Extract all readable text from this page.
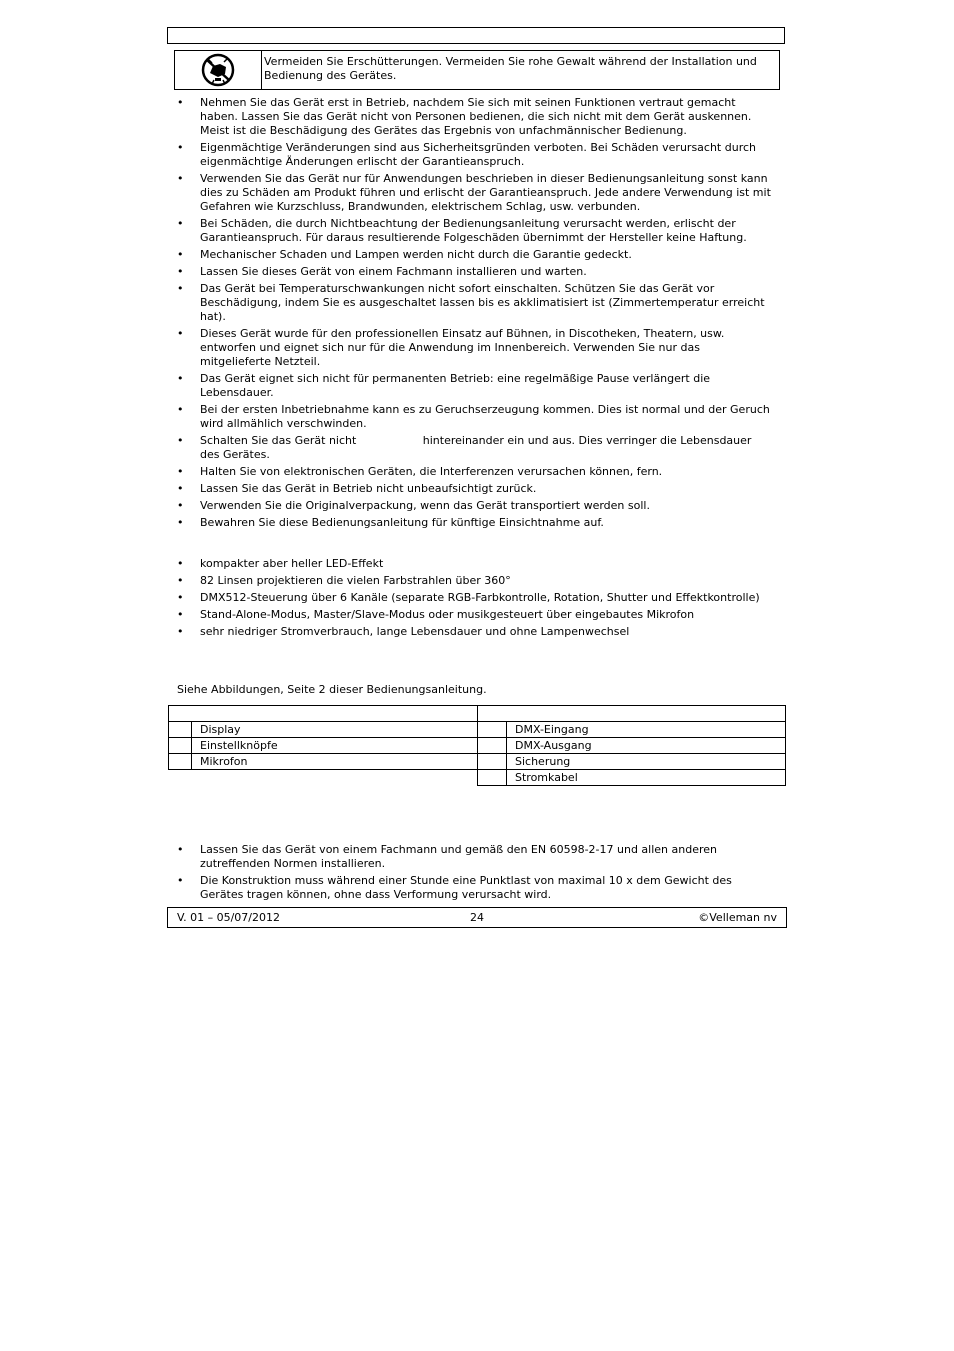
Vermeiden Sie Erschütterungen. Vermeiden Sie rohe Gewalt während der Installation und Bedienung des Gerätes.
• Nehmen Sie das Gerät erst in Betrieb, nachdem Sie sich mit seinen Funktionen vertraut gemacht haben. Lassen Sie das Gerät nicht von Personen bedienen, die sich nicht mit dem Gerät auskennen. Meist ist die Beschädigung des Gerätes das Ergebnis von unfachmännischer Bedienung.
• Eigenmächtige Veränderungen sind aus Sicherheitsgründen verboten. Bei Schäden verursacht durch eigenmächtige Änderungen erlischt der Garantieanspruch.
• Verwenden Sie das Gerät nur für Anwendungen beschrieben in dieser Bedienungsanleitung sonst kann dies zu Schäden am Produkt führen und erlischt der Garantieanspruch. Jede andere Verwendung ist mit Gefahren wie Kurzschluss, Brandwunden, elektrischem Schlag, usw. verbunden.
• Bei Schäden, die durch Nichtbeachtung der Bedienungsanleitung verursacht werden, erlischt der Garantieanspruch. Für daraus resultierende Folgeschäden übernimmt der Hersteller keine Haftung.
• Mechanischer Schaden und Lampen werden nicht durch die Garantie gedeckt.
• Lassen Sie dieses Gerät von einem Fachmann installieren und warten.
• Das Gerät bei Temperaturschwankungen nicht sofort einschalten. Schützen Sie das Gerät vor Beschädigung, indem Sie es ausgeschaltet lassen bis es akklimatisiert ist (Zimmertemperatur erreicht hat).
• Dieses Gerät wurde für den professionellen Einsatz auf Bühnen, in Discotheken, Theatern, usw. entworfen und eignet sich nur für die Anwendung im Innenbereich. Verwenden Sie nur das mitgelieferte Netzteil.
• Das Gerät eignet sich nicht für permanenten Betrieb: eine regelmäßige Pause verlängert die Lebensdauer.
• Bei der ersten Inbetriebnahme kann es zu Geruchserzeugung kommen. Dies ist normal und der Geruch wird allmählich verschwinden.
• Schalten Sie das Gerät nicht                   hintereinander ein und aus. Dies verringer die Lebensdauer des Gerätes.
• Halten Sie von elektronischen Geräten, die Interferenzen verursachen können, fern.
• Lassen Sie das Gerät in Betrieb nicht unbeaufsichtigt zurück.
• Verwenden Sie die Originalverpackung, wenn das Gerät transportiert werden soll.
• Bewahren Sie diese Bedienungsanleitung für künftige Einsichtnahme auf.
• kompakter aber heller LED-Effekt
• 82 Linsen projektieren die vielen Farbstrahlen über 360°
• DMX512-Steuerung über 6 Kanäle (separate RGB-Farbkontrolle, Rotation, Shutter und Effektkontrolle)
• Stand-Alone-Modus, Master/Slave-Modus oder musikgesteuert über eingebautes Mikrofon
• sehr niedriger Stromverbrauch, lange Lebensdauer und ohne Lampenwechsel
Siehe Abbildungen, Seite 2 dieser Bedienungsanleitung.

	Display
	Einstellknöpfe
	Mikrofon

	DMX-Eingang
	DMX-Ausgang
	Sicherung
	Stromkabel
• Lassen Sie das Gerät von einem Fachmann und gemäß den EN 60598-2-17 und allen anderen zutreffenden Normen installieren.
• Die Konstruktion muss während einer Stunde eine Punktlast von maximal 10 x dem Gewicht des Gerätes tragen können, ohne dass Verformung verursacht wird.
V. 01 – 05/07/2012	24	©Velleman nv
